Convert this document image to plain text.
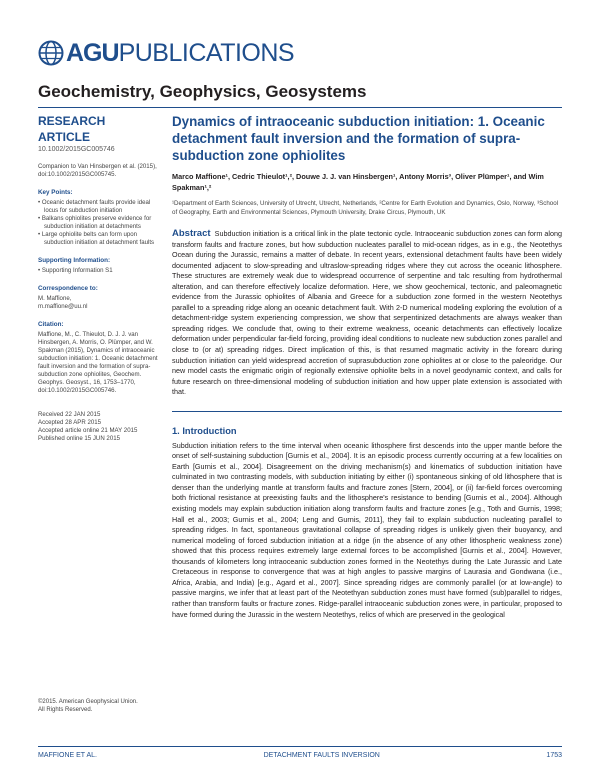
AGU PUBLICATIONS
Geochemistry, Geophysics, Geosystems
RESEARCH ARTICLE
10.1002/2015GC005746

Companion to Van Hinsbergen et al. (2015), doi:10.1002/2015GC005745.

Key Points:

• Oceanic detachment faults provide ideal locus for subduction initiation

• Balkans ophiolites preserve evidence for subduction initiation at detachments

• Large ophiolite belts can form upon subduction initiation at detachment faults

Supporting Information:

• Supporting Information S1

Correspondence to:

M. Maffione,

m.maffione@uu.nl

Citation:

Maffione, M., C. Thieulot, D. J. J. van Hinsbergen, A. Morris, O. Plümper, and W. Spakman (2015), Dynamics of intraoceanic subduction initiation: 1. Oceanic detachment fault inversion and the formation of supra-subduction zone ophiolites, Geochem. Geophys. Geosyst., 16, 1753–1770, doi:10.1002/2015GC005746.

Received 22 JAN 2015

Accepted 28 APR 2015

Accepted article online 21 MAY 2015

Published online 15 JUN 2015

©2015. American Geophysical Union.
All Rights Reserved.
Dynamics of intraoceanic subduction initiation: 1. Oceanic detachment fault inversion and the formation of supra-subduction zone ophiolites
Marco Maffione¹, Cedric Thieulot¹,², Douwe J. J. van Hinsbergen¹, Antony Morris³, Oliver Plümper¹, and Wim Spakman¹,²
¹Department of Earth Sciences, University of Utrecht, Utrecht, Netherlands, ²Centre for Earth Evolution and Dynamics, Oslo, Norway, ³School of Geography, Earth and Environmental Sciences, Plymouth University, Drake Circus, Plymouth, UK
Abstract Subduction initiation is a critical link in the plate tectonic cycle. Intraoceanic subduction zones can form along transform faults and fracture zones, but how subduction nucleates parallel to mid-ocean ridges, as in e.g., the Neotethys Ocean during the Jurassic, remains a matter of debate. In recent years, extensional detachment faults have been widely documented adjacent to slow-spreading and ultraslow-spreading ridges where they cut across the oceanic lithosphere. These structures are extremely weak due to widespread occurrence of serpentine and talc resulting from hydrothermal alteration, and can therefore effectively localize deformation. Here, we show geochemical, tectonic, and paleomagnetic evidence from the Jurassic ophiolites of Albania and Greece for a subduction zone formed in the western Neotethys parallel to a spreading ridge along an oceanic detachment fault. With 2-D numerical modeling exploring the evolution of a detachment-ridge system experiencing compression, we show that serpentinized detachments are always weaker than spreading ridges. We conclude that, owing to their extreme weakness, oceanic detachments can effectively localize deformation under perpendicular far-field forcing, providing ideal conditions to nucleate new subduction zones parallel and close to (or at) spreading ridges. Direct implication of this, is that resumed magmatic activity in the forearc during subduction initiation can yield widespread accretion of suprasubduction zone ophiolites at or close to the paleoridge. Our new model casts the enigmatic origin of regionally extensive ophiolite belts in a novel geodynamic context, and calls for future research on three-dimensional modeling of subduction initiation and how upper plate extension is associated with that.
1. Introduction

Subduction initiation refers to the time interval when oceanic lithosphere first descends into the upper mantle before the onset of self-sustaining subduction [Gurnis et al., 2004]. It is an episodic process currently occurring at a few localities on Earth [Gurnis et al., 2004]. Disagreement on the driving mechanism(s) and kinematics of subduction initiation have culminated in two contrasting models, with subduction initiating by either (i) spontaneous sinking of old lithosphere that is denser than the underlying mantle at transform faults and fracture zones [Stern, 2004], or (ii) far-field forces overcoming both frictional resistance at preexisting faults and the lithosphere's resistance to bending [Gurnis et al., 2004]. Although existing models may explain subduction initiation along transform faults and fracture zones [e.g., Toth and Gurnis, 1998; Hall et al., 2003; Gurnis et al., 2004; Leng and Gurnis, 2011], they fail to explain subduction nucleating parallel to spreading ridges. In fact, spontaneous gravitational collapse of spreading ridges is unlikely given their buoyancy, and numerical modeling of forced subduction initiation at a ridge (in the absence of any other lithospheric weakness zone) showed that this process requires extremely large external forces to be accomplished [Gurnis et al., 2004]. However, thousands of kilometers long intraoceanic subduction zones formed in the Neotethys during the Late Jurassic and Late Cretaceous in response to convergence that was at high angles to passive margins of Laurasia and Gondwana (i.e., Africa, Arabia, and India) [e.g., Agard et al., 2007]. Since spreading ridges are commonly parallel (or at low-angle) to passive margins, we infer that at least part of the Neotethyan subduction zones must have formed (sub)parallel to ridges, rather than transform faults or fracture zones. Ridge-parallel intraoceanic subduction zones were, in particular, proposed to have formed during the Jurassic in the western Neotethys, relics of which are preserved in the geological

MAFFIONE ET AL.	DETACHMENT FAULTS INVERSION	1753
